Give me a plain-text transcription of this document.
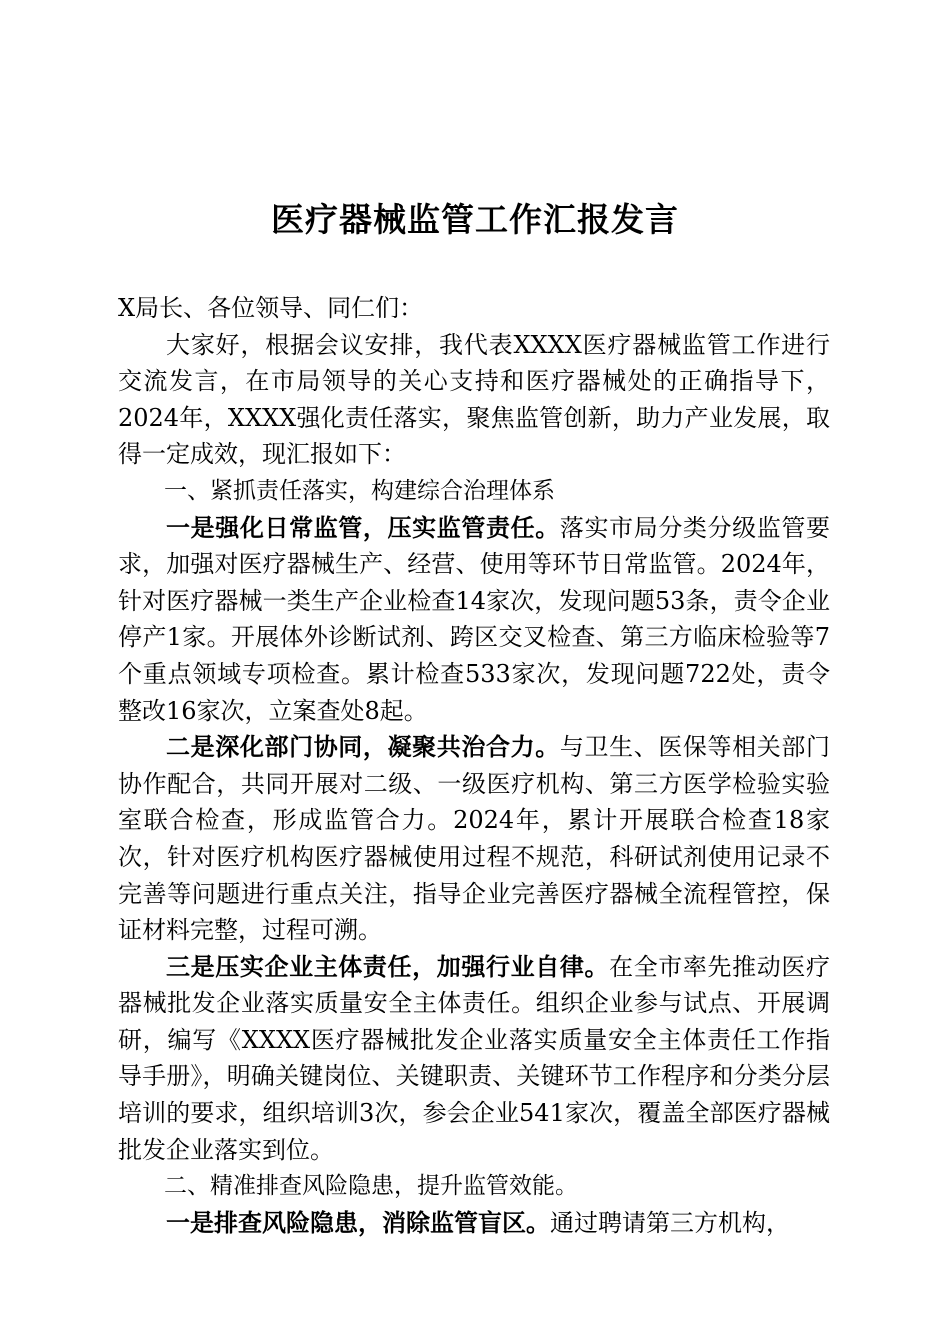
医疗器械监管工作汇报发言

X局长、各位领导、同仁们：

大家好，根据会议安排，我代表XXXX医疗器械监管工作进行交流发言，在市局领导的关心支持和医疗器械处的正确指导下，2024年，XXXX强化责任落实，聚焦监管创新，助力产业发展，取得一定成效，现汇报如下：

一、紧抓责任落实，构建综合治理体系

一是强化日常监管，压实监管责任。落实市局分类分级监管要求，加强对医疗器械生产、经营、使用等环节日常监管。2024年，针对医疗器械一类生产企业检查14家次，发现问题53条，责令企业停产1家。开展体外诊断试剂、跨区交叉检查、第三方临床检验等7个重点领域专项检查。累计检查533家次，发现问题722处，责令整改16家次，立案查处8起。

二是深化部门协同，凝聚共治合力。与卫生、医保等相关部门协作配合，共同开展对二级、一级医疗机构、第三方医学检验实验室联合检查，形成监管合力。2024年，累计开展联合检查18家次，针对医疗机构医疗器械使用过程不规范，科研试剂使用记录不完善等问题进行重点关注，指导企业完善医疗器械全流程管控，保证材料完整，过程可溯。

三是压实企业主体责任，加强行业自律。在全市率先推动医疗器械批发企业落实质量安全主体责任。组织企业参与试点、开展调研，编写《XXXX医疗器械批发企业落实质量安全主体责任工作指导手册》，明确关键岗位、关键职责、关键环节工作程序和分类分层培训的要求，组织培训3次，参会企业541家次，覆盖全部医疗器械批发企业落实到位。

二、精准排查风险隐患，提升监管效能。

一是排查风险隐患，消除监管盲区。通过聘请第三方机构，
